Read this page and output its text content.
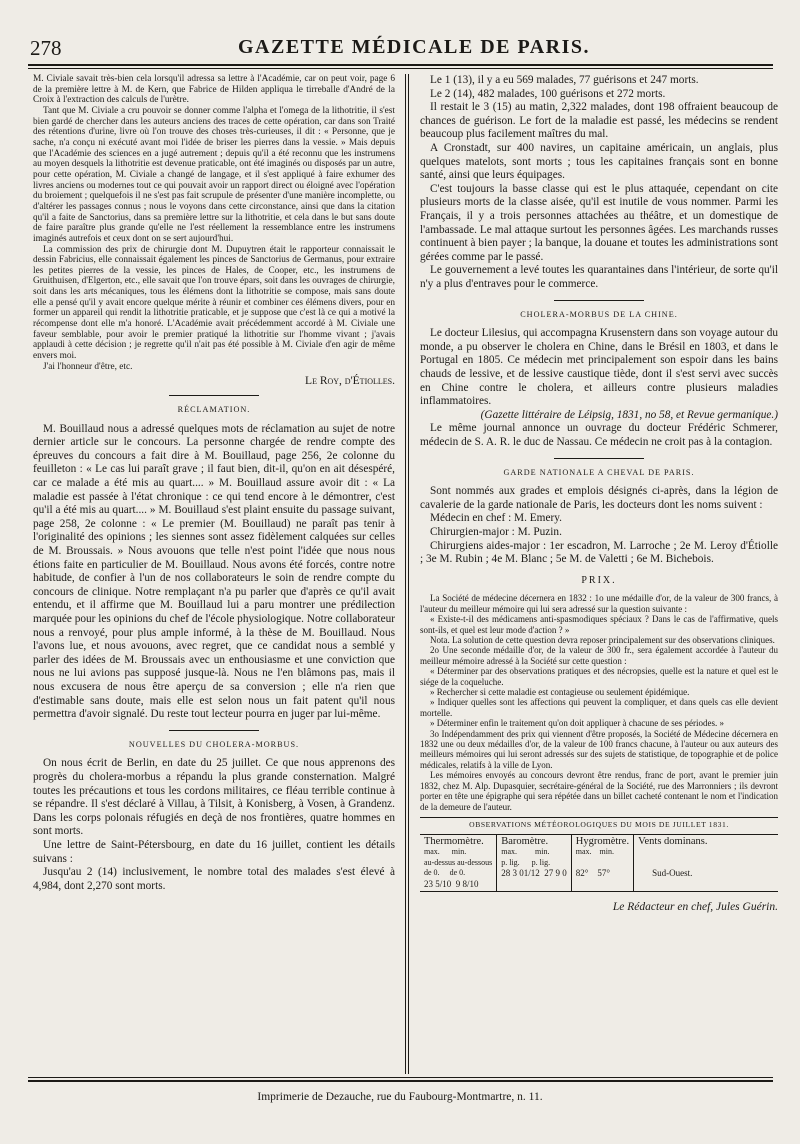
278	GAZETTE MÉDICALE DE PARIS.

M. Civiale savait très-bien cela lorsqu'il adressa sa lettre à l'Académie, car on peut voir, page 6 de la première lettre à M. de Kern, que Fabrice de Hilden appliqua le tirreballe d'André de la Croix à l'extraction des calculs de l'urètre.

Tant que M. Civiale a cru pouvoir se donner comme l'alpha et l'omega de la lithotritie, il s'est bien gardé de chercher dans les auteurs anciens des traces de cette opération, car dans son Traité des rétentions d'urine, livre où l'on trouve des choses très-curieuses, il dit : « Personne, que je sache, n'a conçu ni exécuté avant moi l'idée de briser les pierres dans la vessie. » Mais depuis que l'Académie des sciences en a jugé autrement ; depuis qu'il a été reconnu que les instrumens au moyen desquels la lithotritie est devenue praticable, ont été imaginés ou disposés par un autre, pour cette opération, M. Civiale a changé de langage, et il s'est appliqué à faire exhumer des livres anciens ou modernes tout ce qui pouvait avoir un rapport direct ou éloigné avec l'opération du broiement ; quelquefois il ne s'est pas fait scrupule de présenter d'une manière incomplette, ou d'altérer les passages connus ; nous le voyons dans cette circonstance, ainsi que dans la citation qu'il a faite de Sanctorius, dans sa première lettre sur la lithotritie, et cela dans le but sans doute de faire paraître plus grande qu'elle ne l'est réellement la ressemblance entre les instrumens imaginés autrefois et ceux dont on se sert aujourd'hui.

La commission des prix de chirurgie dont M. Dupuytren était le rapporteur connaissait le dessin Fabricius, elle connaissait également les pinces de Sanctorius de Germanus, pour extraire les petites pierres de la vessie, les pinces de Hales, de Cooper, etc., les instrumens de Gruithuisen, d'Elgerton, etc., elle savait que l'on trouve épars, soit dans les ouvrages de chirurgie, soit dans les arts mécaniques, tous les élémens dont la lithotritie se compose, mais sans doute elle a pensé qu'il y avait encore quelque mérite à réunir et combiner ces élémens divers, pour en former un appareil qui rendit la lithotritie praticable, et je suppose que c'est là ce qui a motivé la récompense dont elle m'a honoré. L'Académie avait précédemment accordé à M. Civiale une faveur semblable, pour avoir le premier pratiqué la lithotritie sur l'homme vivant ; j'avais applaudi à cette décision ; je regrette qu'il n'ait pas été possible à M. Civiale d'en agir de même envers moi.

J'ai l'honneur d'être, etc.

Le Roy, d'Étiolles.

RÉCLAMATION.

M. Bouillaud nous a adressé quelques mots de réclamation au sujet de notre dernier article sur le concours. La personne chargée de rendre compte des épreuves du concours a fait dire à M. Bouillaud, page 256, 2e colonne du feuilleton : « Le cas lui paraît grave ; il faut bien, dit-il, qu'on en ait désespéré, car ce malade a été mis au quart.... » M. Bouillaud assure avoir dit : « La maladie est passée à l'état chronique : ce qui tend encore à le démontrer, c'est qu'il a été mis au quart.... » M. Bouillaud s'est plaint ensuite du passage suivant, page 258, 2e colonne : « Le premier (M. Bouillaud) ne paraît pas tenir à l'originalité des opinions ; les siennes sont assez fidèlement calquées sur celles de M. Broussais. » Nous avouons que telle n'est point l'idée que nous nous étions faite en particulier de M. Bouillaud. Nous avons été forcés, contre notre habitude, de confier à l'un de nos collaborateurs le soin de rendre compte du concours de clinique. Notre remplaçant n'a pu parler que d'après ce qu'il avait entendu, et il affirme que M. Bouillaud lui a paru montrer une prédilection marquée pour les opinions du chef de l'école physiologique. Notre collaborateur nous a renvoyé, pour plus ample informé, à la thèse de M. Bouillaud. Nous l'avons lue, et nous avouons, avec regret, que ce candidat nous a semblé y parler des idées de M. Broussais avec un enthousiasme et une conviction que nous ne lui avions pas supposé jusque-là. Nous ne l'en blâmons pas, mais il nous excusera de nous être aperçu de sa conversion ; elle n'a rien que d'estimable sans doute, mais elle est selon nous un fait patent qu'il nous permettra d'avoir signalé. Du reste tout lecteur pourra en juger par lui-même.

NOUVELLES DU CHOLERA-MORBUS.

On nous écrit de Berlin, en date du 25 juillet. Ce que nous apprenons des progrès du cholera-morbus a répandu la plus grande consternation. Malgré toutes les précautions et tous les cordons militaires, ce fléau terrible continue à se répandre. Il s'est déclaré à Villau, à Tilsit, à Konisberg, à Vosen, à Grandenz. Dans les corps polonais réfugiés en deçà de nos frontières, quatre hommes en sont morts.

Une lettre de Saint-Pétersbourg, en date du 16 juillet, contient les détails suivans :

Jusqu'au 2 (14) inclusivement, le nombre total des malades s'est élevé à 4,984, dont 2,270 sont morts.

Le 1 (13), il y a eu 569 malades, 77 guérisons et 247 morts.

Le 2 (14), 482 malades, 100 guérisons et 272 morts.

Il restait le 3 (15) au matin, 2,322 malades, dont 198 offraient beaucoup de chances de guérison. Le fort de la maladie est passé, les médecins se rendent beaucoup plus facilement maîtres du mal.

A Cronstadt, sur 400 navires, un capitaine américain, un anglais, plus quelques matelots, sont morts ; tous les capitaines français sont en bonne santé, ainsi que leurs équipages.

C'est toujours la basse classe qui est le plus attaquée, cependant on cite plusieurs morts de la classe aisée, qu'il est inutile de vous nommer. Parmi les Français, il y a trois personnes attachées au théâtre, et un domestique de l'ambassade. Le mal attaque surtout les personnes âgées. Les marchands russes continuent à bien payer ; la banque, la douane et toutes les administrations sont gérées comme par le passé.

Le gouvernement a levé toutes les quarantaines dans l'intérieur, de sorte qu'il n'y a plus d'entraves pour le commerce.

CHOLERA-MORBUS DE LA CHINE.

Le docteur Lilesius, qui accompagna Krusenstern dans son voyage autour du monde, a pu observer le cholera en Chine, dans le Brésil en 1803, et dans le Portugal en 1805. Ce médecin met principalement son espoir dans les bains chauds de lessive, et de lessive caustique tiède, dont il s'est servi avec succès en Chine contre le cholera, et ailleurs contre plusieurs maladies inflammatoires.

(Gazette littéraire de Léipsig, 1831, no 58, et Revue germanique.)

Le même journal annonce un ouvrage du docteur Frédéric Schmerer, médecin de S. A. R. le duc de Nassau. Ce médecin ne croit pas à la contagion.

GARDE NATIONALE A CHEVAL DE PARIS.

Sont nommés aux grades et emplois désignés ci-après, dans la légion de cavalerie de la garde nationale de Paris, les docteurs dont les noms suivent :

Médecin en chef : M. Emery.

Chirurgien-major : M. Puzin.

Chirurgiens aides-major : 1er escadron, M. Larroche ; 2e M. Leroy d'Étiolle ; 3e M. Rubin ; 4e M. Blanc ; 5e M. de Valetti ; 6e M. Bichebois.

PRIX.

La Société de médecine décernera en 1832 : 1o une médaille d'or, de la valeur de 300 francs, à l'auteur du meilleur mémoire qui lui sera adressé sur la question suivante :

« Existe-t-il des médicamens anti-spasmodiques spéciaux ? Dans le cas de l'affirmative, quels sont-ils, et quel est leur mode d'action ? »

Nota. La solution de cette question devra reposer principalement sur des observations cliniques.

2o Une seconde médaille d'or, de la valeur de 300 fr., sera également accordée à l'auteur du meilleur mémoire adressé à la Société sur cette question :

« Déterminer par des observations pratiques et des nécropsies, quelle est la nature et quel est le siége de la coqueluche.

» Rechercher si cette maladie est contagieuse ou seulement épidémique.

» Indiquer quelles sont les affections qui peuvent la compliquer, et dans quels cas elle devient mortelle.

» Déterminer enfin le traitement qu'on doit appliquer à chacune de ses périodes. »

3o Indépendamment des prix qui viennent d'être proposés, la Société de Médecine décernera en 1832 une ou deux médailles d'or, de la valeur de 100 francs chacune, à l'auteur ou aux auteurs des meilleurs mémoires qui lui seront adressés sur des sujets de statistique, de topographie et de police médicales, relatifs à la ville de Lyon.

Les mémoires envoyés au concours devront être rendus, franc de port, avant le premier juin 1832, chez M. Alp. Dupasquier, secrétaire-général de la Société, rue des Marronniers ; ils devront porter en tête une épigraphe qui sera répétée dans un billet cacheté contenant le nom et l'indication de la demeure de l'auteur.

OBSERVATIONS MÉTÉOROLOGIQUES DU MOIS DE JUILLET 1831.
Thermomètre.
max. min.
au-dessus au-dessous
de 0. de 0.
23 5/10 9 8/10
Baromètre.
max. min.
p. lig. p. lig.
28 3 01/12 27 9 0
Hygromètre.
max. min.

82° 57°
Vents dominans.

Sud-Ouest.
Le Rédacteur en chef, Jules Guérin.
Imprimerie de Dezauche, rue du Faubourg-Montmartre, n. 11.
